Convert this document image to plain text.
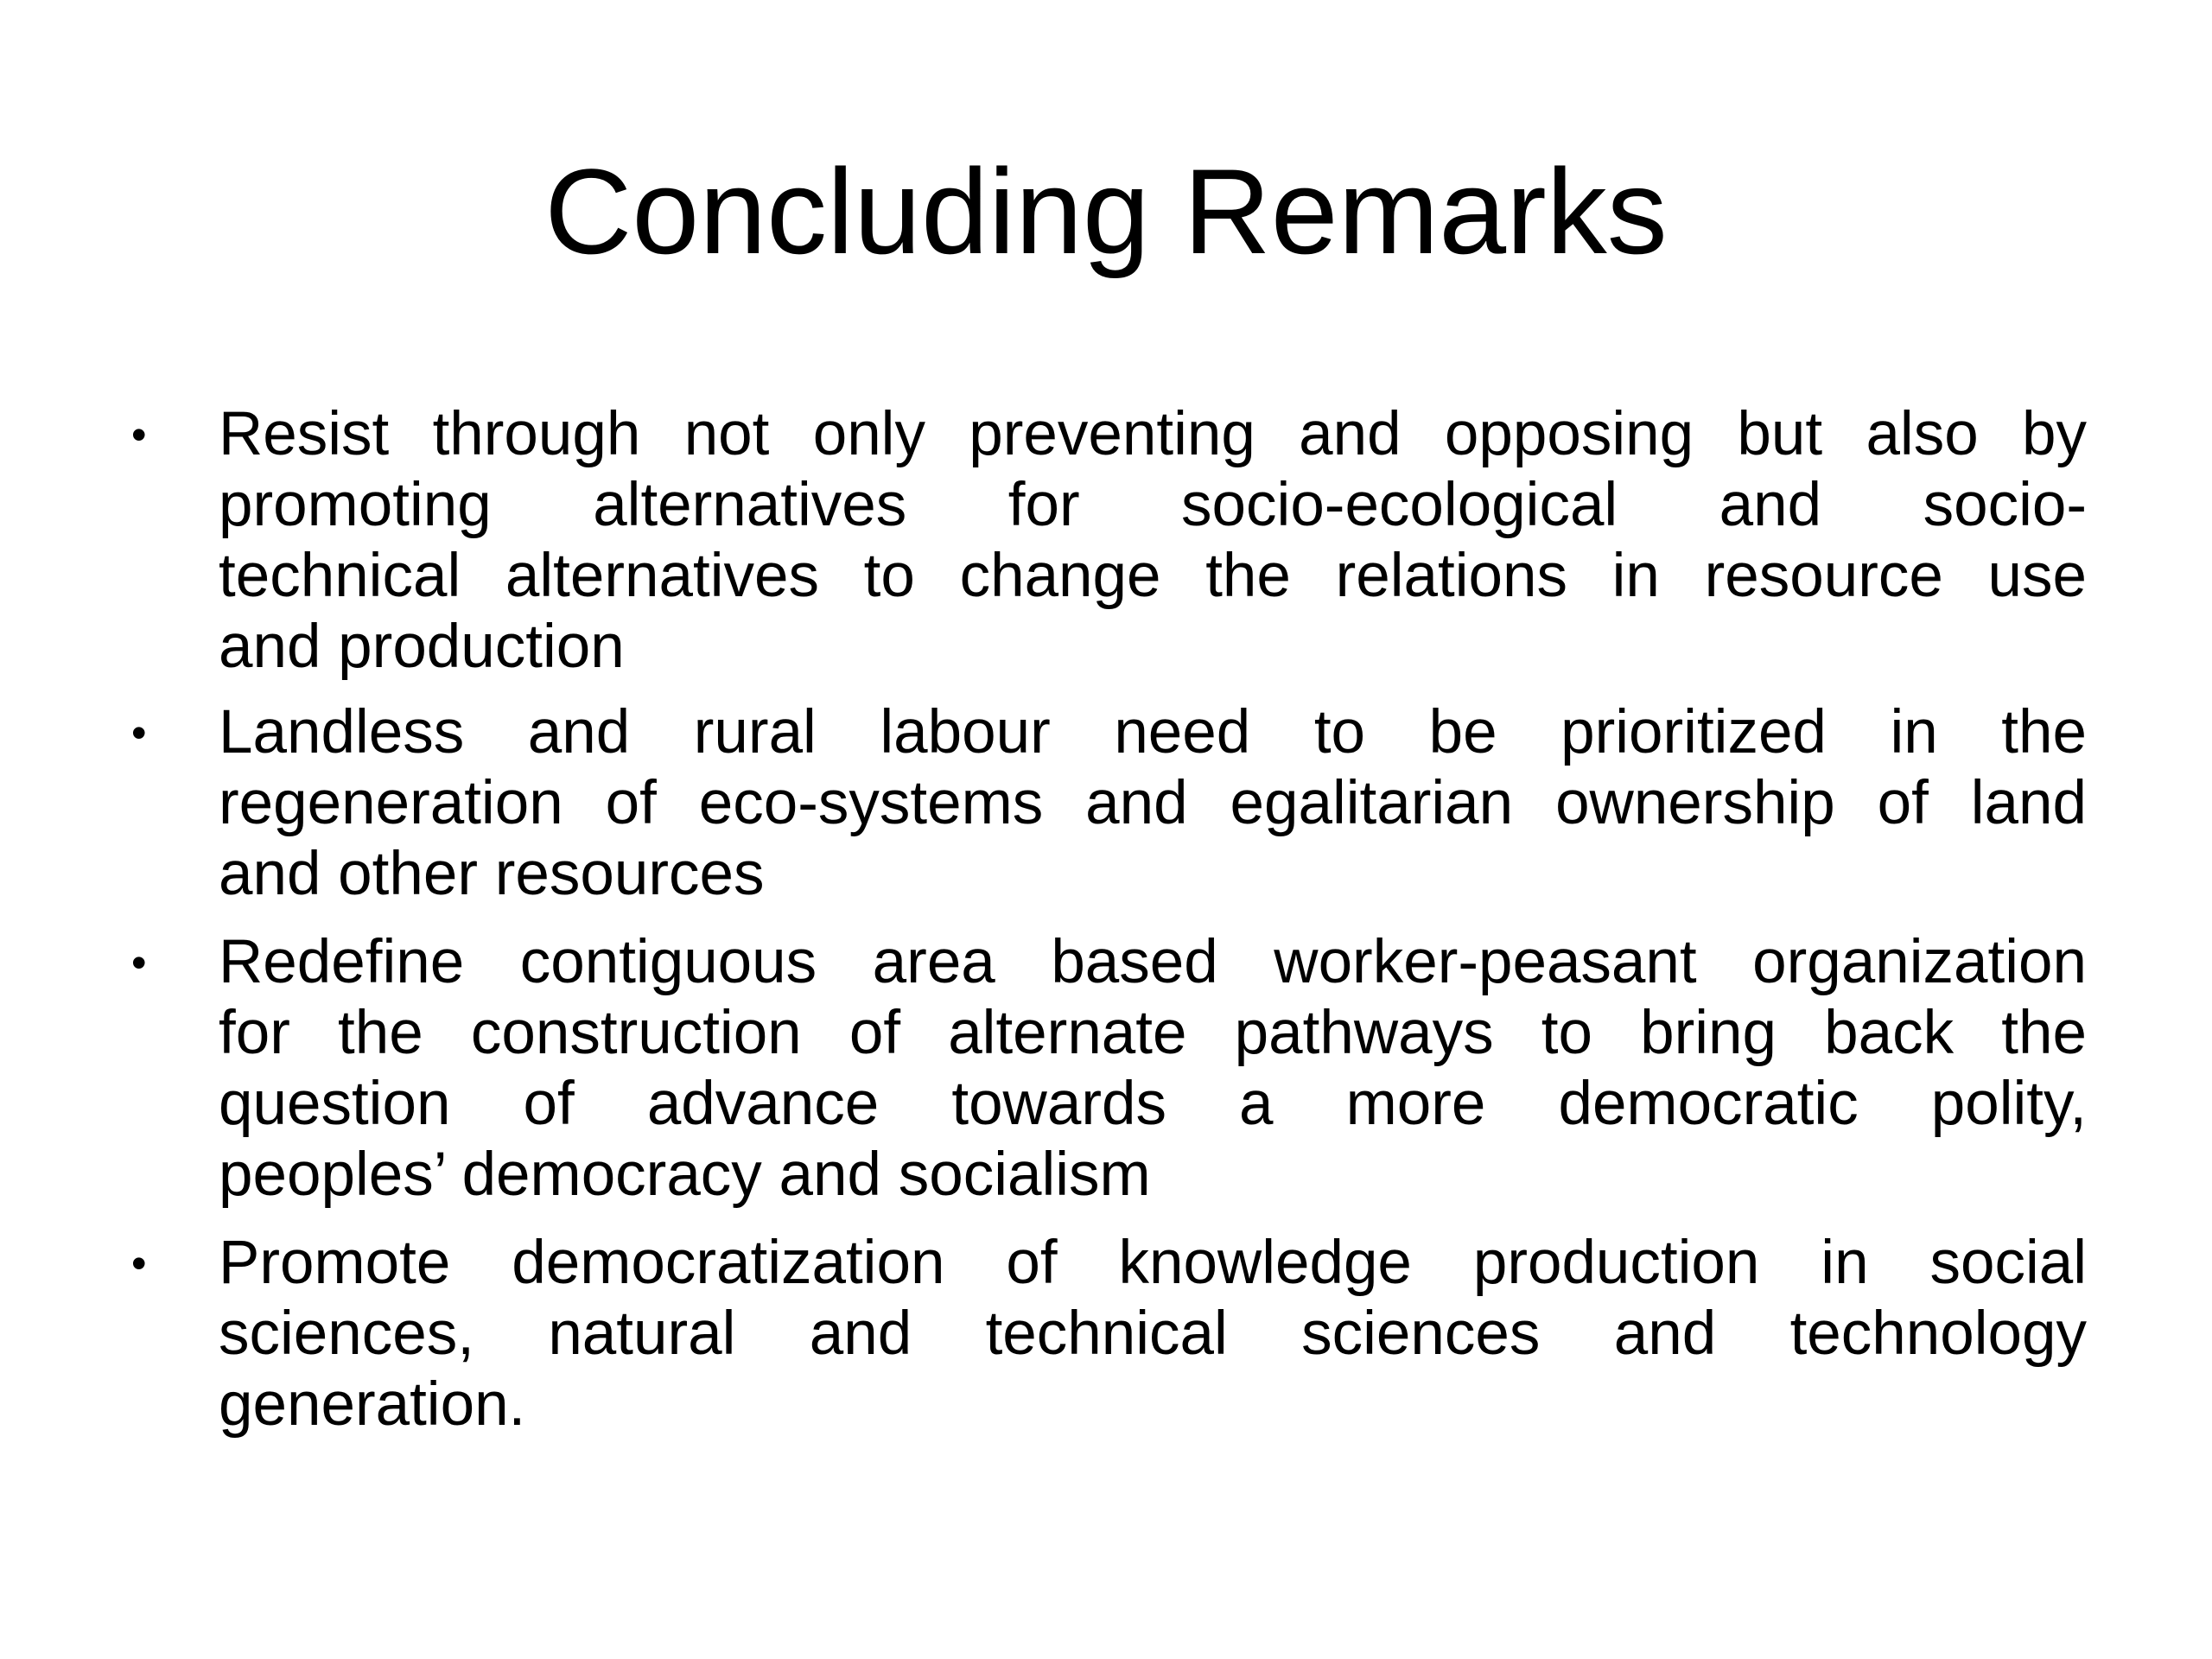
Concluding Remarks
• Resist through not only preventing and opposing but also by
promoting alternatives for socio-ecological and socio-
technical alternatives to change the relations in resource use
and production
• Landless and rural labour need to be prioritized in the
regeneration of eco-systems and egalitarian ownership of land
and other resources
• Redefine contiguous area based worker-peasant organization
for the construction of alternate pathways to bring back the
question of advance towards a more democratic polity,
peoples’ democracy and socialism
• Promote democratization of knowledge production in social
sciences, natural and technical sciences and technology
generation.
